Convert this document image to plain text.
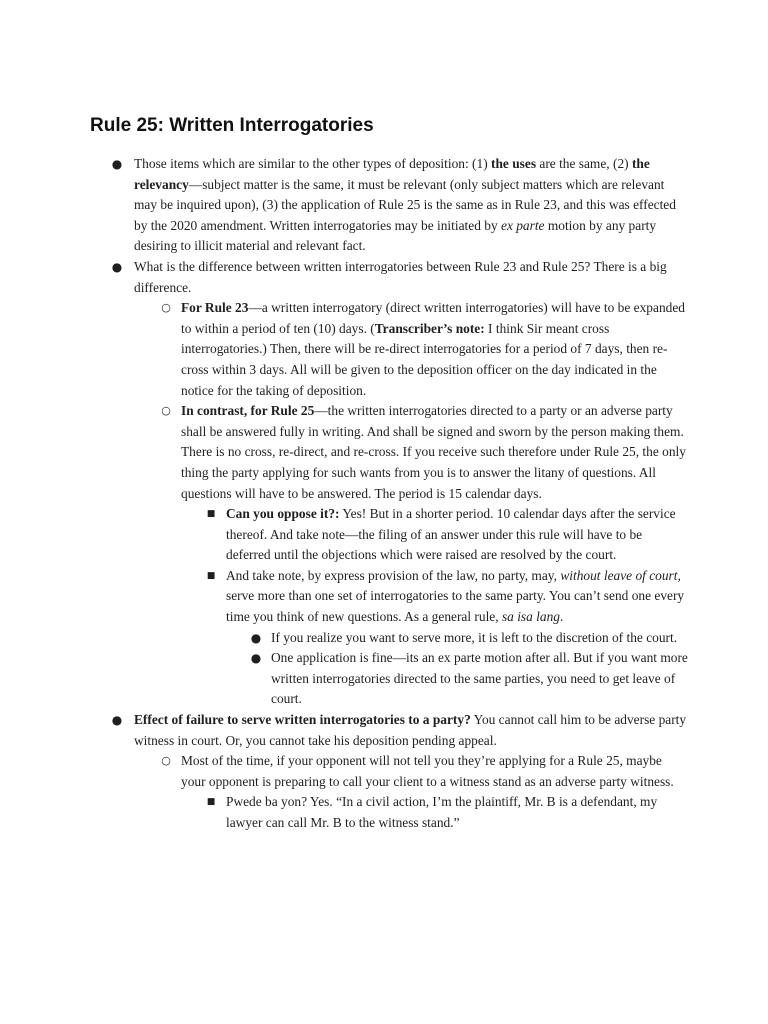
Rule 25: Written Interrogatories
● Those items which are similar to the other types of deposition: (1) the uses are the same, (2) the relevancy—subject matter is the same, it must be relevant (only subject matters which are relevant may be inquired upon), (3) the application of Rule 25 is the same as in Rule 23, and this was effected by the 2020 amendment. Written interrogatories may be initiated by ex parte motion by any party desiring to illicit material and relevant fact.
● What is the difference between written interrogatories between Rule 23 and Rule 25? There is a big difference.
○ For Rule 23—a written interrogatory (direct written interrogatories) will have to be expanded to within a period of ten (10) days. (Transcriber’s note: I think Sir meant cross interrogatories.) Then, there will be re-direct interrogatories for a period of 7 days, then re-cross within 3 days. All will be given to the deposition officer on the day indicated in the notice for the taking of deposition.
○ In contrast, for Rule 25—the written interrogatories directed to a party or an adverse party shall be answered fully in writing. And shall be signed and sworn by the person making them. There is no cross, re-direct, and re-cross. If you receive such therefore under Rule 25, the only thing the party applying for such wants from you is to answer the litany of questions. All questions will have to be answered. The period is 15 calendar days.
■ Can you oppose it?: Yes! But in a shorter period. 10 calendar days after the service thereof. And take note—the filing of an answer under this rule will have to be deferred until the objections which were raised are resolved by the court.
■ And take note, by express provision of the law, no party, may, without leave of court, serve more than one set of interrogatories to the same party. You can’t send one every time you think of new questions. As a general rule, sa isa lang.
● If you realize you want to serve more, it is left to the discretion of the court.
● One application is fine—its an ex parte motion after all. But if you want more written interrogatories directed to the same parties, you need to get leave of court.
● Effect of failure to serve written interrogatories to a party? You cannot call him to be adverse party witness in court. Or, you cannot take his deposition pending appeal.
○ Most of the time, if your opponent will not tell you they’re applying for a Rule 25, maybe your opponent is preparing to call your client to a witness stand as an adverse party witness.
■ Pwede ba yon? Yes. “In a civil action, I’m the plaintiff, Mr. B is a defendant, my lawyer can call Mr. B to the witness stand.”
